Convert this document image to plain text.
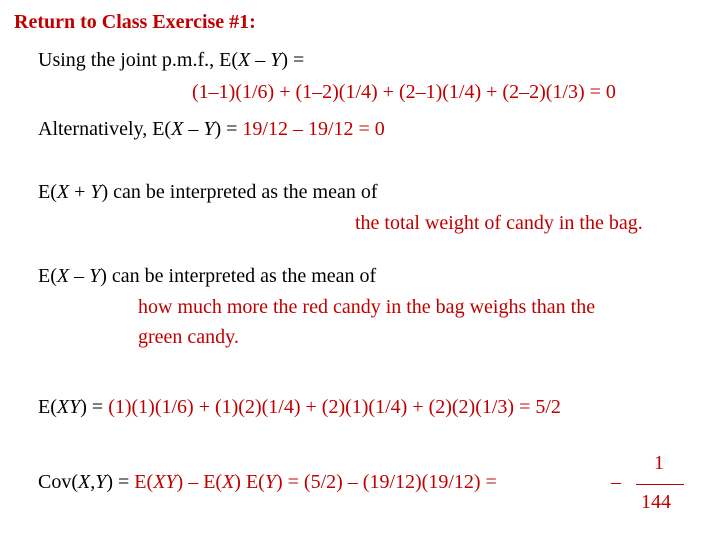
Return to Class Exercise #1:
Using the joint p.m.f., E(X – Y) =
(1–1)(1/6) + (1–2)(1/4) + (2–1)(1/4) + (2–2)(1/3) = 0
Alternatively, E(X – Y) = 19/12 – 19/12 = 0
E(X + Y) can be interpreted as the mean of
the total weight of candy in the bag.
E(X – Y) can be interpreted as the mean of
how much more the red candy in the bag weighs than the
green candy.
E(XY) = (1)(1)(1/6) + (1)(2)(1/4) + (2)(1)(1/4) + (2)(2)(1/3) = 5/2
Cov(X,Y) = E(XY) – E(X) E(Y) = (5/2) – (19/12)(19/12) =	–
1
144
